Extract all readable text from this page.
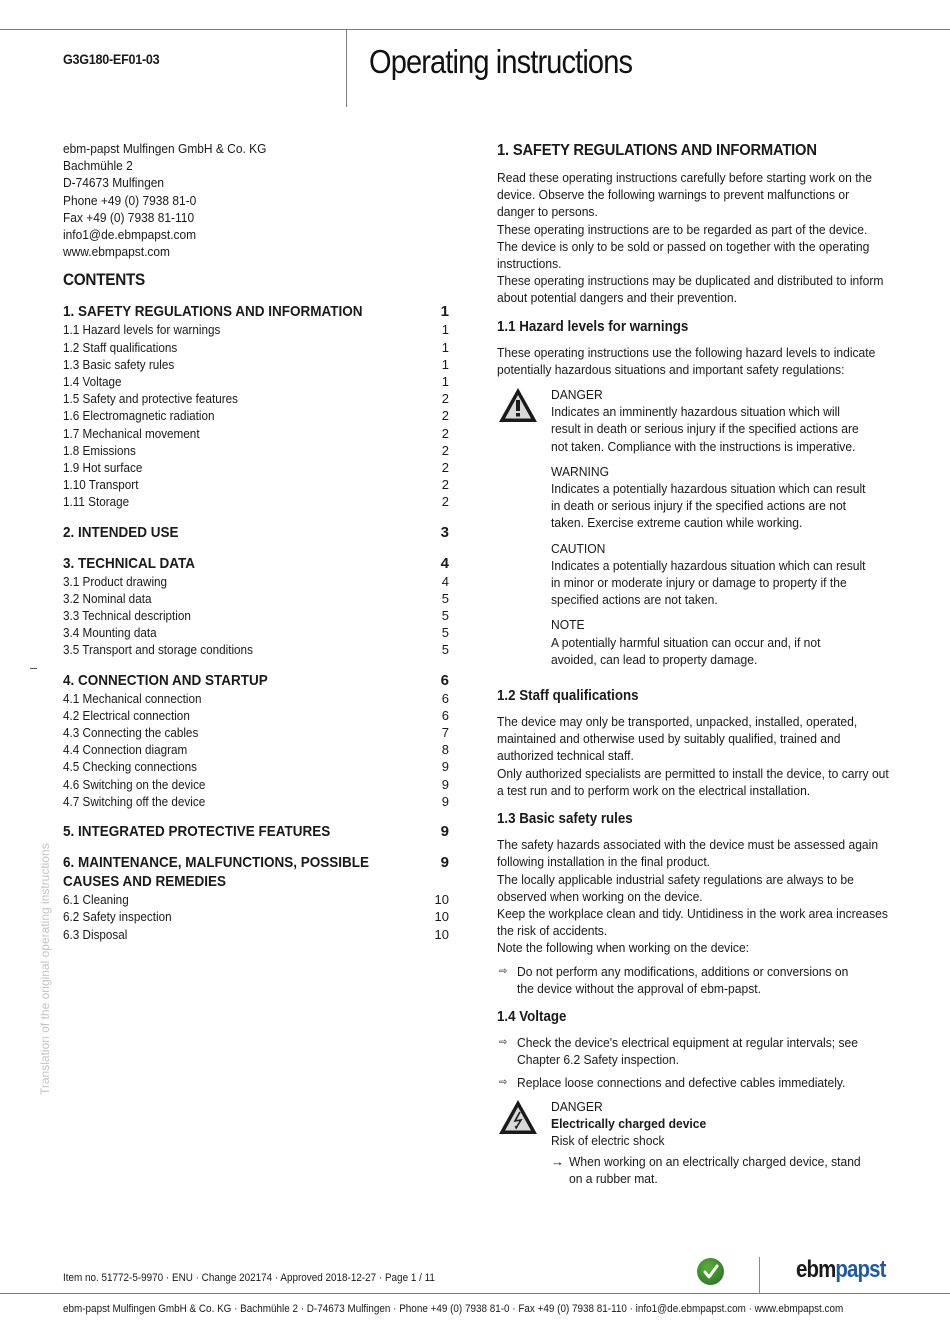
G3G180-EF01-03	Operating instructions
ebm-papst Mulfingen GmbH & Co. KG
Bachmühle 2
D-74673 Mulfingen
Phone +49 (0) 7938 81-0
Fax +49 (0) 7938 81-110
info1@de.ebmpapst.com
www.ebmpapst.com
CONTENTS
1. SAFETY REGULATIONS AND INFORMATION	1
1.1 Hazard levels for warnings	1
1.2 Staff qualifications	1
1.3 Basic safety rules	1
1.4 Voltage	1
1.5 Safety and protective features	2
1.6 Electromagnetic radiation	2
1.7 Mechanical movement	2
1.8 Emissions	2
1.9 Hot surface	2
1.10 Transport	2
1.11 Storage	2
2. INTENDED USE	3
3. TECHNICAL DATA	4
3.1 Product drawing	4
3.2 Nominal data	5
3.3 Technical description	5
3.4 Mounting data	5
3.5 Transport and storage conditions	5
4. CONNECTION AND STARTUP	6
4.1 Mechanical connection	6
4.2 Electrical connection	6
4.3 Connecting the cables	7
4.4 Connection diagram	8
4.5 Checking connections	9
4.6 Switching on the device	9
4.7 Switching off the device	9
5. INTEGRATED PROTECTIVE FEATURES	9
6. MAINTENANCE, MALFUNCTIONS, POSSIBLE	9
CAUSES AND REMEDIES
6.1 Cleaning	10
6.2 Safety inspection	10
6.3 Disposal	10
Translation of the original operating instructions
1. SAFETY REGULATIONS AND INFORMATION
Read these operating instructions carefully before starting work on the device. Observe the following warnings to prevent malfunctions or danger to persons.
These operating instructions are to be regarded as part of the device. The device is only to be sold or passed on together with the operating instructions.
These operating instructions may be duplicated and distributed to inform about potential dangers and their prevention.
1.1 Hazard levels for warnings
These operating instructions use the following hazard levels to indicate potentially hazardous situations and important safety regulations:
DANGER
Indicates an imminently hazardous situation which will result in death or serious injury if the specified actions are not taken. Compliance with the instructions is imperative.
WARNING
Indicates a potentially hazardous situation which can result in death or serious injury if the specified actions are not taken. Exercise extreme caution while working.
CAUTION
Indicates a potentially hazardous situation which can result in minor or moderate injury or damage to property if the specified actions are not taken.
NOTE
A potentially harmful situation can occur and, if not avoided, can lead to property damage.
1.2 Staff qualifications
The device may only be transported, unpacked, installed, operated, maintained and otherwise used by suitably qualified, trained and authorized technical staff.
Only authorized specialists are permitted to install the device, to carry out a test run and to perform work on the electrical installation.
1.3 Basic safety rules
The safety hazards associated with the device must be assessed again following installation in the final product.
The locally applicable industrial safety regulations are always to be observed when working on the device.
Keep the workplace clean and tidy. Untidiness in the work area increases the risk of accidents.
Note the following when working on the device:
⇨ Do not perform any modifications, additions or conversions on the device without the approval of ebm-papst.
1.4 Voltage
⇨ Check the device's electrical equipment at regular intervals; see Chapter 6.2 Safety inspection.
⇨ Replace loose connections and defective cables immediately.
DANGER
Electrically charged device
Risk of electric shock
→ When working on an electrically charged device, stand on a rubber mat.
Item no. 51772-5-9970 · ENU · Change 202174 · Approved 2018-12-27 · Page 1 / 11	ebmpapst
ebm-papst Mulfingen GmbH & Co. KG · Bachmühle 2 · D-74673 Mulfingen · Phone +49 (0) 7938 81-0 · Fax +49 (0) 7938 81-110 · info1@de.ebmpapst.com · www.ebmpapst.com
